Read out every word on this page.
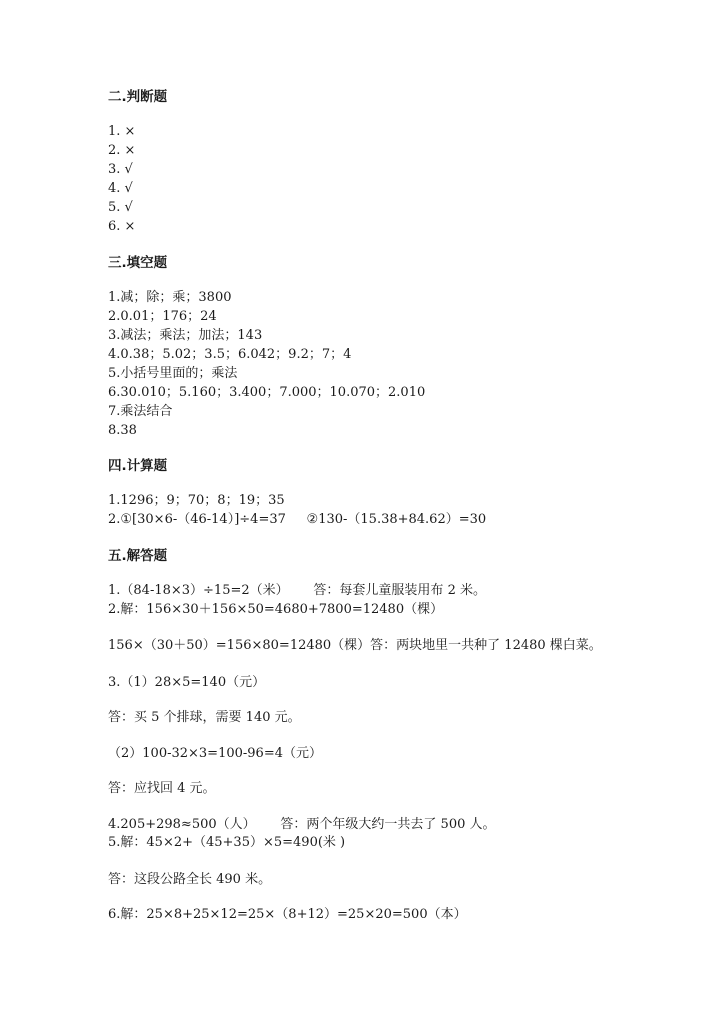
二.判断题
1. ×
2. ×
3. √
4. √
5. √
6. ×
三.填空题
1.减；除；乘；3800
2.0.01；176；24
3.减法；乘法；加法；143
4.0.38；5.02；3.5；6.042；9.2；7；4
5.小括号里面的；乘法
6.30.010；5.160；3.400；7.000；10.070；2.010
7.乘法结合
8.38
四.计算题
1.1296；9；70；8；19；35
2.①[30×6-（46-14）]÷4=37     ②130-（15.38+84.62）=30
五.解答题
1.（84-18×3）÷15=2（米）      答：每套儿童服装用布 2 米。
2.解：156×30＋156×50=4680+7800=12480（棵）
156×（30＋50）=156×80=12480（棵）答：两块地里一共种了 12480 棵白菜。
3.（1）28×5=140（元）
答：买 5 个排球，需要 140 元。
（2）100-32×3=100-96=4（元）
答：应找回 4 元。
4.205+298≈500（人）      答：两个年级大约一共去了 500 人。
5.解：45×2+（45+35）×5=490(米 )
答：这段公路全长 490 米。
6.解：25×8+25×12=25×（8+12）=25×20=500（本）
